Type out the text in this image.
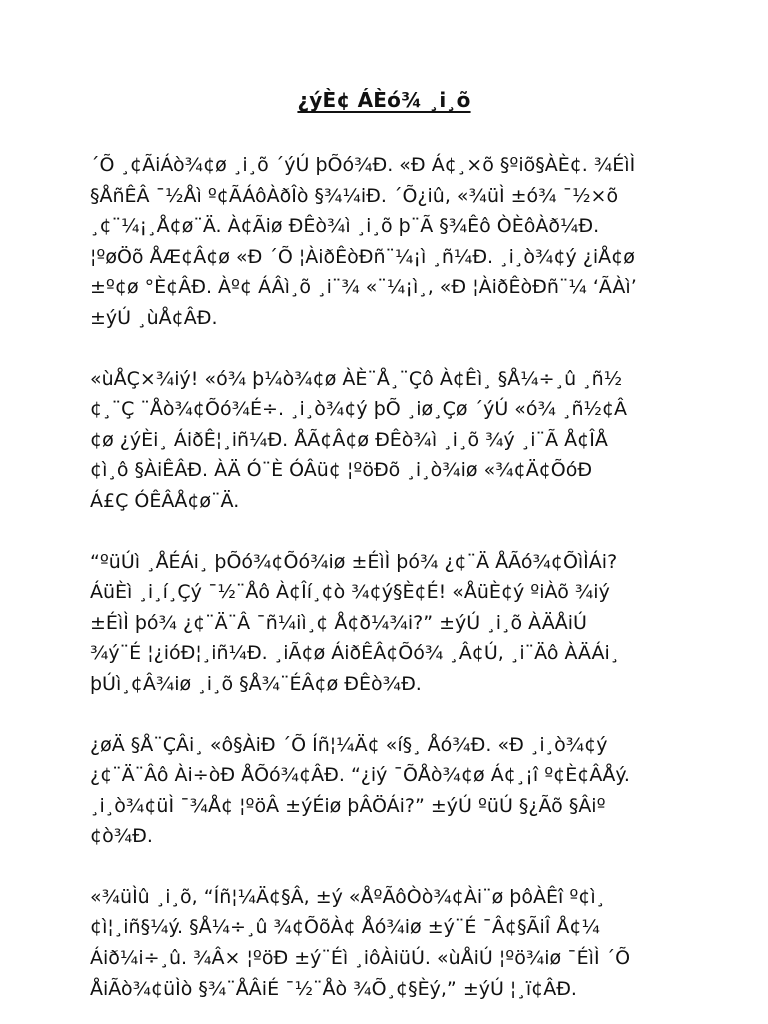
¿ýÈ¢ ÁÈó¾ ¸i¸õ
´Õ ¸¢ÃiÁò¾¢ø ¸i¸õ ´ýÚ þÕó¾Ð. «Ð Á¢¸×õ §ºiõ§ÀÈ¢. ¾ÉìÌ
§ÅñÊÂ ¯½Åì º¢ÃÁôÀðÎò §¾¼iÐ. ´Õ¿iû, «¾üÌ ±ó¾ ¯½×õ
¸¢¨¼¡¸Å¢ø¨Ä. À¢Ãiø ÐÊò¾ì ¸i¸õ þ¨Ã §¾Êô ÒÈôÀð¼Ð.
¦ºøÖõ ÅÆ¢Â¢ø «Ð ´Õ ¦ÀiðÊòÐñ¨¼¡ì ¸ñ¼Ð. ¸i¸ò¾¢ý ¿iÅ¢ø
±º¢ø °È¢ÂÐ. Àº¢ ÁÂì¸õ ¸i¨¾ «¨¼¡ì¸, «Ð ¦ÀiðÊòÐñ¨¼ ‘ÃÀì’
±ýÚ ¸ùÅ¢ÂÐ.
«ùÅÇ×¾iý! «ó¾ þ¼ò¾¢ø ÀÈ¨Å¸¨Çô À¢Êì¸ §Å¼÷¸û ¸ñ½
¢¸¨Ç ¨Åò¾¢Õó¾É÷. ¸i¸ò¾¢ý þÕ ¸iø¸Çø ´ýÚ «ó¾ ¸ñ½¢Â
¢ø ¿ýÈi¸ ÁiðÊ¦¸iñ¼Ð. ÅÃ¢Â¢ø ÐÊò¾ì ¸i¸õ ¾ý ¸i¨Ã Å¢ÎÅ
¢ì¸ô §ÀiÊÂÐ. ÀÄ Ó¨È ÓÂü¢ ¦ºöÐõ ¸i¸ò¾iø «¾¢Ä¢ÕóÐ
Á£Ç ÓÊÂÅ¢ø¨Ä.
“ºüÚì ¸ÅÉÁi¸ þÕó¾¢Õó¾iø ±ÉìÌ þó¾ ¿¢¨Ä ÅÃó¾¢ÕìÌÁi?
ÁüÈì ¸i¸í¸Çý ¯½¨Åô À¢Îí¸¢ò ¾¢ý§È¢É! «ÅüÈ¢ý ºiÀõ ¾iý
±ÉìÌ þó¾ ¿¢¨Ä¨Â ¯ñ¼iì¸¢ Å¢ð¼¾i?” ±ýÚ ¸i¸õ ÀÄÅiÚ
¾ý¨É ¦¿ióÐ¦¸iñ¼Ð. ¸iÃ¢ø ÁiðÊÂ¢Õó¾ ¸Â¢Ú, ¸i¨Äô ÀÄÁi¸
þÚì¸¢Â¾iø ¸i¸õ §Å¾¨ÉÂ¢ø ÐÊò¾Ð.
¿øÄ §Å¨ÇÂi¸ «ô§ÀiÐ ´Õ Íñ¦¼Ä¢ «í§¸ Åó¾Ð. «Ð ¸i¸ò¾¢ý
¿¢¨Ä¨Âô Ài÷òÐ ÅÕó¾¢ÂÐ. “¿iý ¯ÕÅò¾¢ø Á¢¸¡î º¢È¢ÂÅý.
¸i¸ò¾¢üÌ ¯¾Å¢ ¦ºöÂ ±ýÉiø þÂÖÁi?” ±ýÚ ºüÚ §¿Ãõ §Âiº
¢ò¾Ð.
«¾üÌû ¸i¸õ, “Íñ¦¼Ä¢§Â, ±ý «ÅºÃôÒò¾¢Ài¨ø þôÀÊî º¢ì¸
¢ì¦¸iñ§¼ý. §Å¼÷¸û ¾¢ÕõÀ¢ Åó¾iø ±ý¨É ¯Â¢§ÃiÎ Å¢¼
Áið¼i÷¸û. ¾Â× ¦ºöÐ ±ý¨Éì ¸iôÀiüÚ. «ùÅiÚ ¦ºö¾iø ¯ÉìÌ ´Õ
ÅiÃò¾¢üÌò §¾¨ÅÂiÉ ¯½¨Åò ¾Õ¸¢§Èý,” ±ýÚ ¦¸ï¢ÂÐ.
